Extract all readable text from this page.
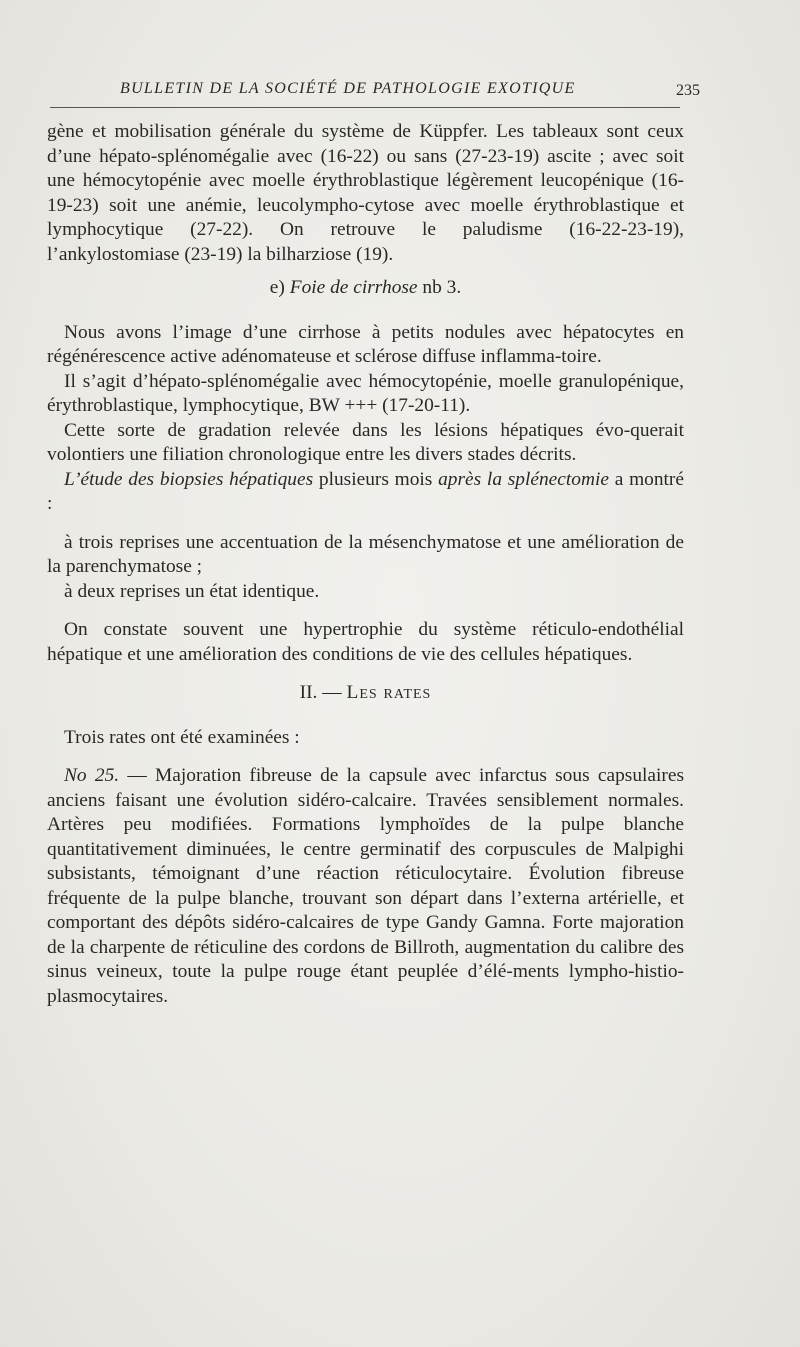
BULLETIN DE LA SOCIÉTÉ DE PATHOLOGIE EXOTIQUE	235

gène et mobilisation générale du système de Küppfer. Les tableaux sont ceux d’une hépato-splénomégalie avec (16-22) ou sans (27-23-19) ascite ; avec soit une hémocytopénie avec moelle érythroblastique légèrement leucopénique (16-19-23) soit une anémie, leucolympho-cytose avec moelle érythroblastique et lymphocytique (27-22). On retrouve le paludisme (16-22-23-19), l’ankylostomiase (23-19) la bilharziose (19).

e) Foie de cirrhose nb 3.

Nous avons l’image d’une cirrhose à petits nodules avec hépatocytes en régénérescence active adénomateuse et sclérose diffuse inflamma-toire.

Il s’agit d’hépato-splénomégalie avec hémocytopénie, moelle granulopénique, érythroblastique, lymphocytique, BW +++ (17-20-11).

Cette sorte de gradation relevée dans les lésions hépatiques évo-querait volontiers une filiation chronologique entre les divers stades décrits.

L’étude des biopsies hépatiques plusieurs mois après la splénectomie a montré :

à trois reprises une accentuation de la mésenchymatose et une amélioration de la parenchymatose ;

à deux reprises un état identique.

On constate souvent une hypertrophie du système réticulo-endothélial hépatique et une amélioration des conditions de vie des cellules hépatiques.

II. — Les rates

Trois rates ont été examinées :

No 25. — Majoration fibreuse de la capsule avec infarctus sous capsulaires anciens faisant une évolution sidéro-calcaire. Travées sensiblement normales. Artères peu modifiées. Formations lymphoïdes de la pulpe blanche quantitativement diminuées, le centre germinatif des corpuscules de Malpighi subsistants, témoignant d’une réaction réticulocytaire. Évolution fibreuse fréquente de la pulpe blanche, trouvant son départ dans l’externa artérielle, et comportant des dépôts sidéro-calcaires de type Gandy Gamna. Forte majoration de la charpente de réticuline des cordons de Billroth, augmentation du calibre des sinus veineux, toute la pulpe rouge étant peuplée d’élé-ments lympho-histio-plasmocytaires.
